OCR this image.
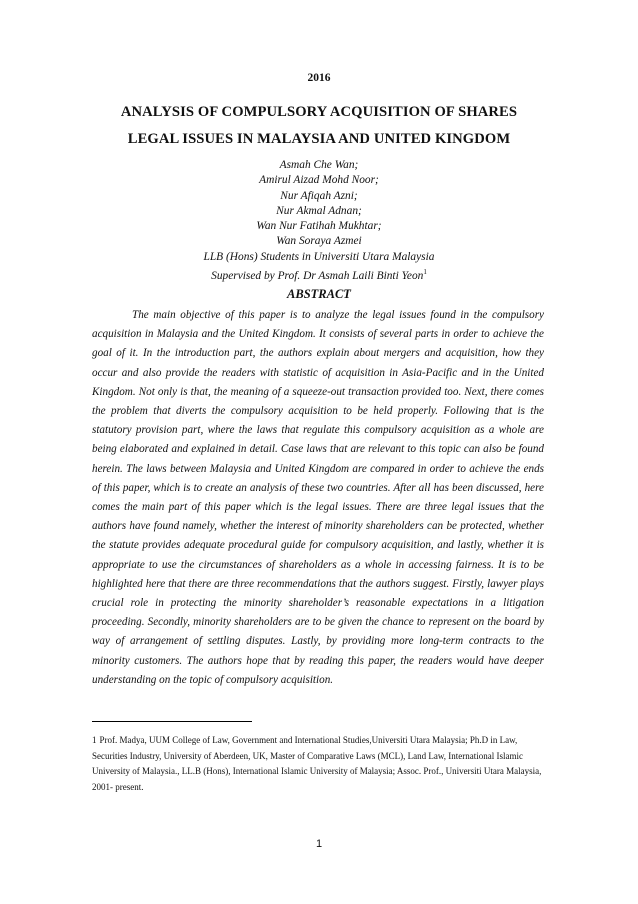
2016
ANALYSIS OF COMPULSORY ACQUISITION OF SHARES
LEGAL ISSUES IN MALAYSIA AND UNITED KINGDOM
Asmah Che Wan;
Amirul Aizad Mohd Noor;
Nur Afiqah Azni;
Nur Akmal Adnan;
Wan Nur Fatihah Mukhtar;
Wan Soraya Azmei
LLB (Hons) Students in Universiti Utara Malaysia
Supervised by Prof. Dr Asmah Laili Binti Yeon$^1$
ABSTRACT

The main objective of this paper is to analyze the legal issues found in the compulsory acquisition in Malaysia and the United Kingdom. It consists of several parts in order to achieve the goal of it. In the introduction part, the authors explain about mergers and acquisition, how they occur and also provide the readers with statistic of acquisition in Asia-Pacific and in the United Kingdom. Not only is that, the meaning of a squeeze-out transaction provided too. Next, there comes the problem that diverts the compulsory acquisition to be held properly. Following that is the statutory provision part, where the laws that regulate this compulsory acquisition as a whole are being elaborated and explained in detail. Case laws that are relevant to this topic can also be found herein. The laws between Malaysia and United Kingdom are compared in order to achieve the ends of this paper, which is to create an analysis of these two countries. After all has been discussed, here comes the main part of this paper which is the legal issues. There are three legal issues that the authors have found namely, whether the interest of minority shareholders can be protected, whether the statute provides adequate procedural guide for compulsory acquisition, and lastly, whether it is appropriate to use the circumstances of shareholders as a whole in accessing fairness. It is to be highlighted here that there are three recommendations that the authors suggest. Firstly, lawyer plays crucial role in protecting the minority shareholder’s reasonable expectations in a litigation proceeding. Secondly, minority shareholders are to be given the chance to represent on the board by way of arrangement of settling disputes. Lastly, by providing more long-term contracts to the minority customers. The authors hope that by reading this paper, the readers would have deeper understanding on the topic of compulsory acquisition.

1 Prof. Madya, UUM College of Law, Government and International Studies,Universiti Utara Malaysia; Ph.D in Law, Securities Industry, University of Aberdeen, UK, Master of Comparative Laws (MCL), Land Law, International Islamic University of Malaysia., LL.B (Hons), International Islamic University of Malaysia; Assoc. Prof., Universiti Utara Malaysia, 2001- present.
1
